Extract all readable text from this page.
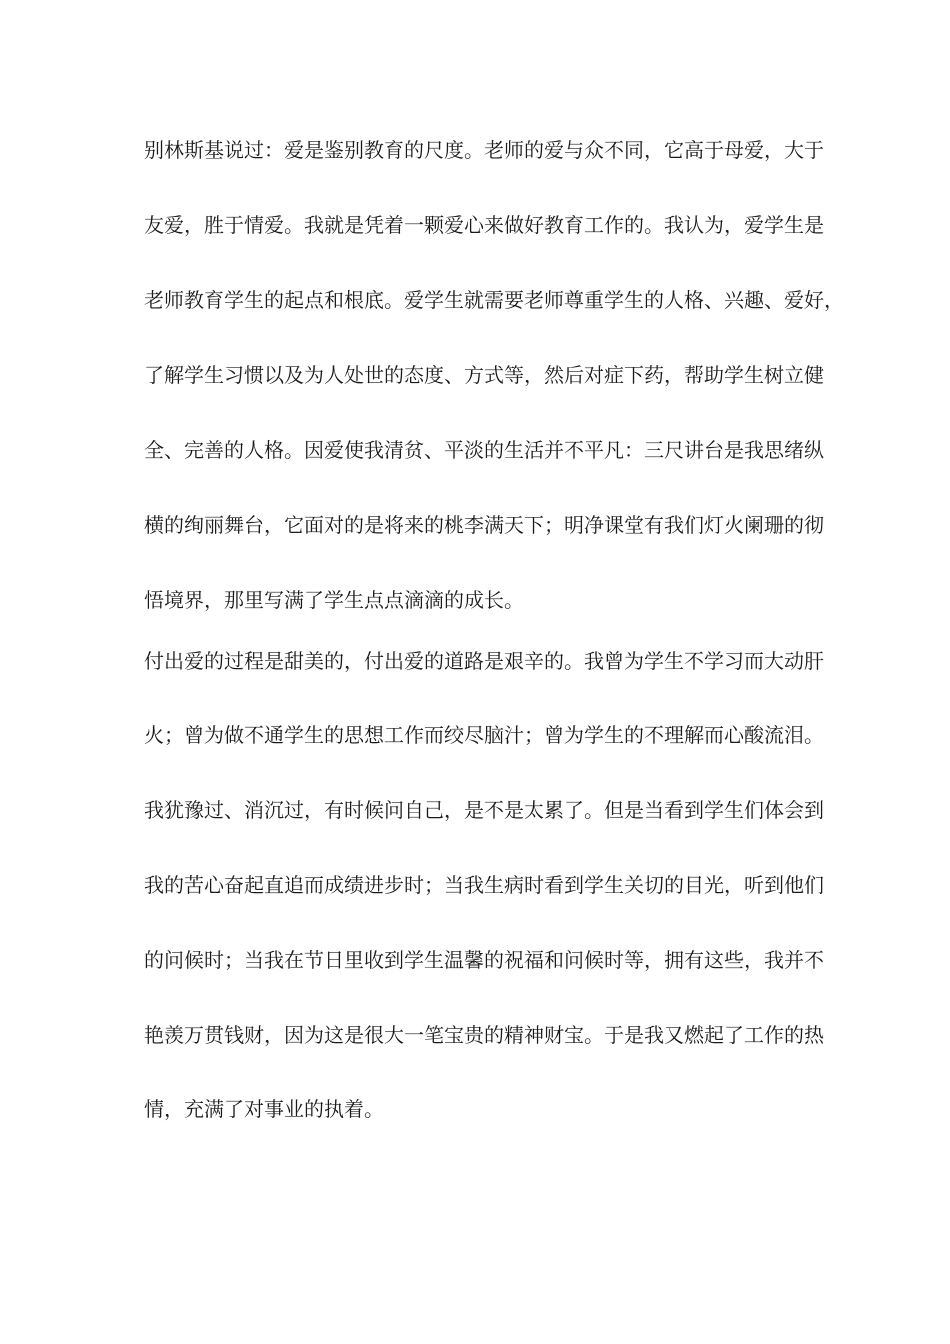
别林斯基说过：爱是鉴别教育的尺度。老师的爱与众不同，它高于母爱，大于
友爱，胜于情爱。我就是凭着一颗爱心来做好教育工作的。我认为，爱学生是
老师教育学生的起点和根底。爱学生就需要老师尊重学生的人格、兴趣、爱好，
了解学生习惯以及为人处世的态度、方式等，然后对症下药，帮助学生树立健
全、完善的人格。因爱使我清贫、平淡的生活并不平凡：三尺讲台是我思绪纵
横的绚丽舞台，它面对的是将来的桃李满天下；明净课堂有我们灯火阑珊的彻
悟境界，那里写满了学生点点滴滴的成长。
付出爱的过程是甜美的，付出爱的道路是艰辛的。我曾为学生不学习而大动肝
火；曾为做不通学生的思想工作而绞尽脑汁；曾为学生的不理解而心酸流泪。
我犹豫过、消沉过，有时候问自己，是不是太累了。但是当看到学生们体会到
我的苦心奋起直追而成绩进步时；当我生病时看到学生关切的目光，听到他们
的问候时；当我在节日里收到学生温馨的祝福和问候时等，拥有这些，我并不
艳羡万贯钱财，因为这是很大一笔宝贵的精神财宝。于是我又燃起了工作的热
情，充满了对事业的执着。
